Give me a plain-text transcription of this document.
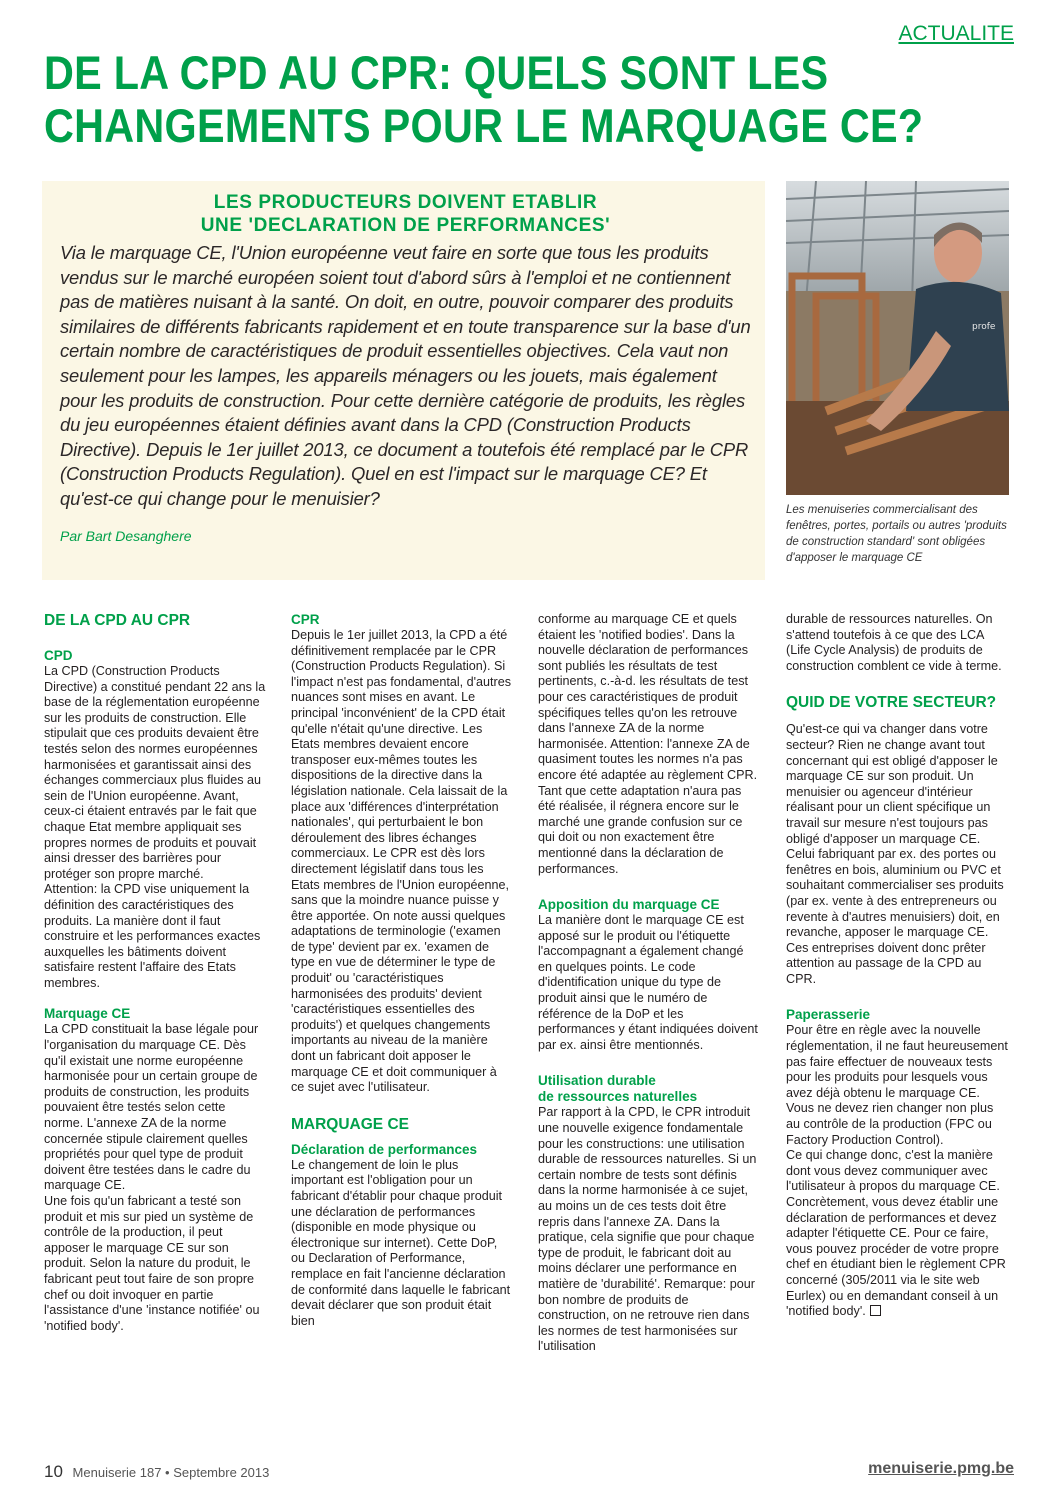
ACTUALITE
DE LA CPD AU CPR: QUELS SONT LES
CHANGEMENTS POUR LE MARQUAGE CE?
LES PRODUCTEURS DOIVENT ETABLIR
UNE 'DECLARATION DE PERFORMANCES'

Via le marquage CE, l'Union européenne veut faire en sorte que tous les produits vendus sur le marché européen soient tout d'abord sûrs à l'emploi et ne contiennent pas de matières nuisant à la santé. On doit, en outre, pouvoir comparer des produits similaires de différents fabricants rapidement et en toute transparence sur la base d'un certain nombre de caractéristiques de produit essentielles objectives. Cela vaut non seulement pour les lampes, les appareils ménagers ou les jouets, mais également pour les produits de construction. Pour cette dernière catégorie de produits, les règles du jeu européennes étaient définies avant dans la CPD (Construction Products Directive). Depuis le 1er juillet 2013, ce document a toutefois été remplacé par le CPR (Construction Products Regulation). Quel en est l'impact sur le marquage CE? Et qu'est-ce qui change pour le menuisier?

Par Bart Desanghere
profe
Les menuiseries commercialisant des fenêtres, portes, portails ou autres 'produits de construction standard' sont obligées d'apposer le marquage CE
DE LA CPD AU CPR
CPD

La CPD (Construction Products Directive) a constitué pendant 22 ans la base de la réglementation européenne sur les produits de construction. Elle stipulait que ces produits devaient être testés selon des normes européennes harmonisées et garantissait ainsi des échanges commerciaux plus fluides au sein de l'Union européenne. Avant, ceux-ci étaient entravés par le fait que chaque Etat membre appliquait ses propres normes de produits et pouvait ainsi dresser des barrières pour protéger son propre marché.

Attention: la CPD vise uniquement la définition des caractéristiques des produits. La manière dont il faut construire et les performances exactes auxquelles les bâtiments doivent satisfaire restent l'affaire des Etats membres.

Marquage CE

La CPD constituait la base légale pour l'organisation du marquage CE. Dès qu'il existait une norme européenne harmonisée pour un certain groupe de produits de construction, les produits pouvaient être testés selon cette norme. L'annexe ZA de la norme concernée stipule clairement quelles propriétés pour quel type de produit doivent être testées dans le cadre du marquage CE.

Une fois qu'un fabricant a testé son produit et mis sur pied un système de contrôle de la production, il peut apposer le marquage CE sur son produit. Selon la nature du produit, le fabricant peut tout faire de son propre chef ou doit invoquer en partie l'assistance d'une 'instance notifiée' ou 'notified body'.

CPR

Depuis le 1er juillet 2013, la CPD a été définitivement remplacée par le CPR (Construction Products Regulation). Si l'impact n'est pas fondamental, d'autres nuances sont mises en avant. Le principal 'inconvénient' de la CPD était qu'elle n'était qu'une directive. Les Etats membres devaient encore transposer eux-mêmes toutes les dispositions de la directive dans la législation nationale. Cela laissait de la place aux 'différences d'interprétation nationales', qui perturbaient le bon déroulement des libres échanges commerciaux. Le CPR est dès lors directement législatif dans tous les Etats membres de l'Union européenne, sans que la moindre nuance puisse y être apportée. On note aussi quelques adaptations de terminologie ('examen de type' devient par ex. 'examen de type en vue de déterminer le type de produit' ou 'caractéristiques harmonisées des produits' devient 'caractéristiques essentielles des produits') et quelques changements importants au niveau de la manière dont un fabricant doit apposer le marquage CE et doit communiquer à ce sujet avec l'utilisateur.

MARQUAGE CE
Déclaration de performances

Le changement de loin le plus important est l'obligation pour un fabricant d'établir pour chaque produit une déclaration de performances (disponible en mode physique ou électronique sur internet). Cette DoP, ou Declaration of Performance, remplace en fait l'ancienne déclaration de conformité dans laquelle le fabricant devait déclarer que son produit était bien

conforme au marquage CE et quels étaient les 'notified bodies'. Dans la nouvelle déclaration de performances sont publiés les résultats de test pertinents, c.-à-d. les résultats de test pour ces caractéristiques de produit spécifiques telles qu'on les retrouve dans l'annexe ZA de la norme harmonisée. Attention: l'annexe ZA de quasiment toutes les normes n'a pas encore été adaptée au règlement CPR. Tant que cette adaptation n'aura pas été réalisée, il régnera encore sur le marché une grande confusion sur ce qui doit ou non exactement être mentionné dans la déclaration de performances.

Apposition du marquage CE

La manière dont le marquage CE est apposé sur le produit ou l'étiquette l'accompagnant a également changé en quelques points. Le code d'identification unique du type de produit ainsi que le numéro de référence de la DoP et les performances y étant indiquées doivent par ex. ainsi être mentionnés.

Utilisation durable
de ressources naturelles

Par rapport à la CPD, le CPR introduit une nouvelle exigence fondamentale pour les constructions: une utilisation durable de ressources naturelles. Si un certain nombre de tests sont définis dans la norme harmonisée à ce sujet, au moins un de ces tests doit être repris dans l'annexe ZA. Dans la pratique, cela signifie que pour chaque type de produit, le fabricant doit au moins déclarer une performance en matière de 'durabilité'. Remarque: pour bon nombre de produits de construction, on ne retrouve rien dans les normes de test harmonisées sur l'utilisation

durable de ressources naturelles. On s'attend toutefois à ce que des LCA (Life Cycle Analysis) de produits de construction comblent ce vide à terme.

QUID DE VOTRE SECTEUR?

Qu'est-ce qui va changer dans votre secteur? Rien ne change avant tout concernant qui est obligé d'apposer le marquage CE sur son produit. Un menuisier ou agenceur d'intérieur réalisant pour un client spécifique un travail sur mesure n'est toujours pas obligé d'apposer un marquage CE. Celui fabriquant par ex. des portes ou fenêtres en bois, aluminium ou PVC et souhaitant commercialiser ses produits (par ex. vente à des entrepreneurs ou revente à d'autres menuisiers) doit, en revanche, apposer le marquage CE. Ces entreprises doivent donc prêter attention au passage de la CPD au CPR.

Paperasserie

Pour être en règle avec la nouvelle réglementation, il ne faut heureusement pas faire effectuer de nouveaux tests pour les produits pour lesquels vous avez déjà obtenu le marquage CE. Vous ne devez rien changer non plus au contrôle de la production (FPC ou Factory Production Control).

Ce qui change donc, c'est la manière dont vous devez communiquer avec l'utilisateur à propos du marquage CE. Concrètement, vous devez établir une déclaration de performances et devez adapter l'étiquette CE. Pour ce faire, vous pouvez procéder de votre propre chef en étudiant bien le règlement CPR concerné (305/2011 via le site web Eurlex) ou en demandant conseil à un 'notified body'.

10 Menuiserie 187 • Septembre 2013	menuiserie.pmg.be
